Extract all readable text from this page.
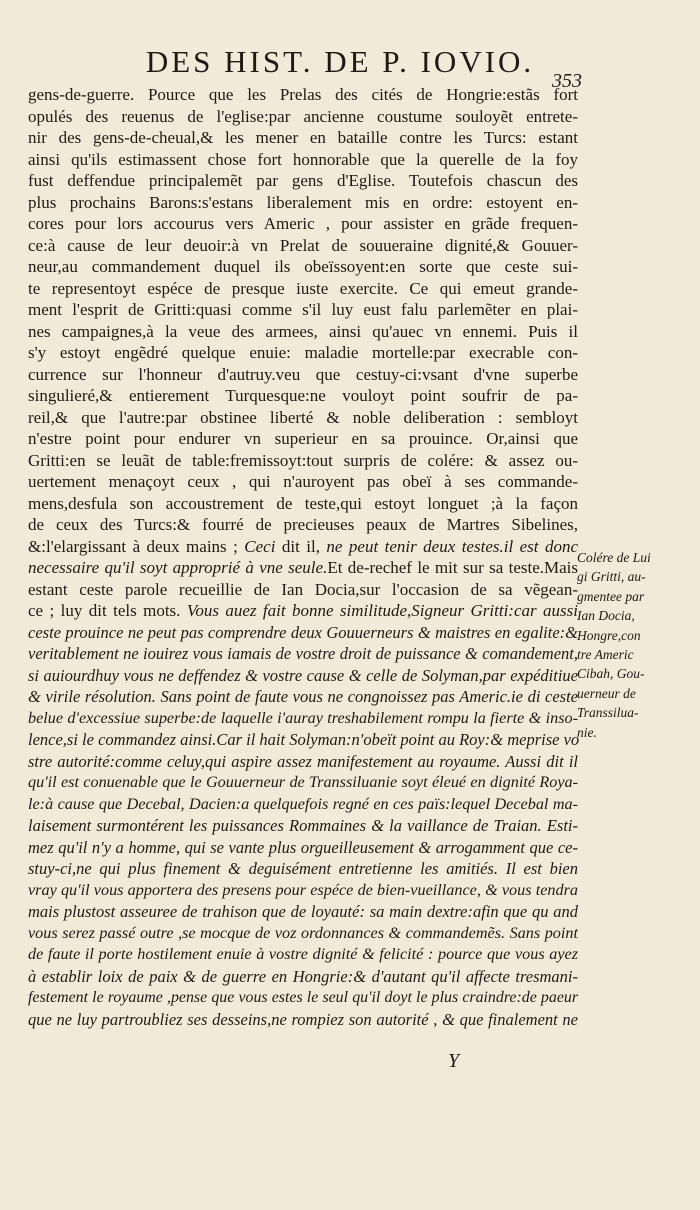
DES HIST. DE P. IOVIO.
353
gens-de-guerre. Pource que les Prelas des cités de Hongrie:estãs fort
opulés des reuenus de l'eglise:par ancienne coustume souloyẽt entrete-
nir des gens-de-cheual,& les mener en bataille contre les Turcs: estant
ainsi qu'ils estimassent chose fort honnorable que la querelle de la foy
fust deffendue principalemẽt par gens d'Eglise. Toutefois chascun des
plus prochains Barons:s'estans liberalement mis en ordre: estoyent en-
cores pour lors accourus vers Americ , pour assister en grãde frequen-
ce:à cause de leur deuoir:à vn Prelat de souueraine dignité,& Gouuer-
neur,au commandement duquel ils obeïssoyent:en sorte que ceste sui-
te representoyt espéce de presque iuste exercite. Ce qui emeut grande-
ment l'esprit de Gritti:quasi comme s'il luy eust falu parlemẽter en plai-
nes campaignes,à la veue des armees, ainsi qu'auec vn ennemi. Puis il
s'y estoyt engẽdré quelque enuie: maladie mortelle:par execrable con-
currence sur l'honneur d'autruy.veu que cestuy-ci:vsant d'vne superbe
singulieré,& entierement Turquesque:ne vouloyt point soufrir de pa-
reil,& que l'autre:par obstinee liberté & noble deliberation : sembloyt
n'estre point pour endurer vn superieur en sa prouince. Or,ainsi que
Gritti:en se leuãt de table:fremissoyt:tout surpris de colére: & assez ou-
uertement menaçoyt ceux , qui n'auroyent pas obeï à ses commande-
mens,desfula son accoustrement de teste,qui estoyt longuet ;à la façon
de ceux des Turcs:& fourré de precieuses peaux de Martres Sibelines,
&:l'elargissant à deux mains ; Ceci dit il, ne peut tenir deux testes.il est donc
necessaire qu'il soyt approprié à vne seule.Et de-rechef le mit sur sa teste.Mais
estant ceste parole recueillie de Ian Docia,sur l'occasion de sa vẽgean-
ce ; luy dit tels mots. Vous auez fait bonne similitude,Signeur Gritti:car aussi
ceste prouince ne peut pas comprendre deux Gouuerneurs & maistres en egalite:&
veritablement ne iouirez vous iamais de vostre droit de puissance & comandement,
si auiourdhuy vous ne deffendez & vostre cause & celle de Solyman,par expéditiue
& virile résolution. Sans point de faute vous ne congnoissez pas Americ.ie di ceste
belue d'excessiue superbe:de laquelle i'auray treshabilement rompu la fierte & inso-
lence,si le commandez ainsi.Car il hait Solyman:n'obeït point au Roy:& meprise vo
stre autorité:comme celuy,qui aspire assez manifestement au royaume. Aussi dit il
qu'il est conuenable que le Gouuerneur de Transsiluanie soyt éleué en dignité Roya-
le:à cause que Decebal, Dacien:a quelquefois regné en ces païs:lequel Decebal ma-
laisement surmontérent les puissances Rommaines & la vaillance de Traian. Esti-
mez qu'il n'y a homme, qui se vante plus orgueilleusement & arrogamment que ce-
stuy-ci,ne qui plus finement & deguisément entretienne les amitiés. Il est bien
vray qu'il vous apportera des presens pour espéce de bien-vueillance, & vous tendra
mais plustost asseuree de trahison que de loyauté: sa main dextre:afin que qu and
vous serez passé outre ,se mocque de voz ordonnances & commandemẽs. Sans point
de faute il porte hostilement enuie à vostre dignité & felicité : pource que vous ayez
à establir loix de paix & de guerre en Hongrie:& d'autant qu'il affecte tresmani-
festement le royaume ,pense que vous estes le seul qu'il doyt le plus craindre:de paeur
que ne luy partroubliez ses desseins,ne rompiez son autorité , & que finalement ne
Colére de Lui
gi Gritti, au-
gmentee par
Ian Docia,
Hongre,con
tre Americ
Cibah, Gou-
uerneur de
Transsilua-
nie.
Y
